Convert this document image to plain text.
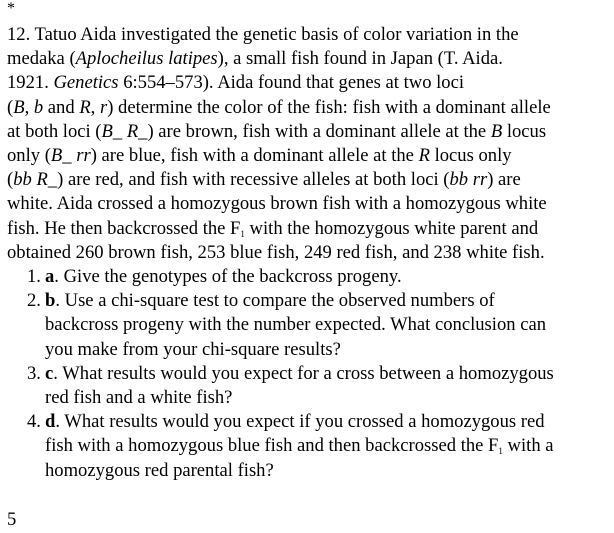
*
12. Tatuo Aida investigated the genetic basis of color variation in the
medaka (Aplocheilus latipes), a small fish found in Japan (T. Aida.
1921. Genetics 6:554–573). Aida found that genes at two loci
(B, b and R, r) determine the color of the fish: fish with a dominant allele
at both loci (B_ R_) are brown, fish with a dominant allele at the B locus
only (B_ rr) are blue, fish with a dominant allele at the R locus only
(bb R_) are red, and fish with recessive alleles at both loci (bb rr) are
white. Aida crossed a homozygous brown fish with a homozygous white
fish. He then backcrossed the $F_1$ with the homozygous white parent and
obtained 260 brown fish, 253 blue fish, 249 red fish, and 238 white fish.
1. a. Give the genotypes of the backcross progeny.
2. b. Use a chi-square test to compare the observed numbers of
backcross progeny with the number expected. What conclusion can
you make from your chi-square results?
3. c. What results would you expect for a cross between a homozygous
red fish and a white fish?
4. d. What results would you expect if you crossed a homozygous red
fish with a homozygous blue fish and then backcrossed the $F_1$ with a
homozygous red parental fish?
5
